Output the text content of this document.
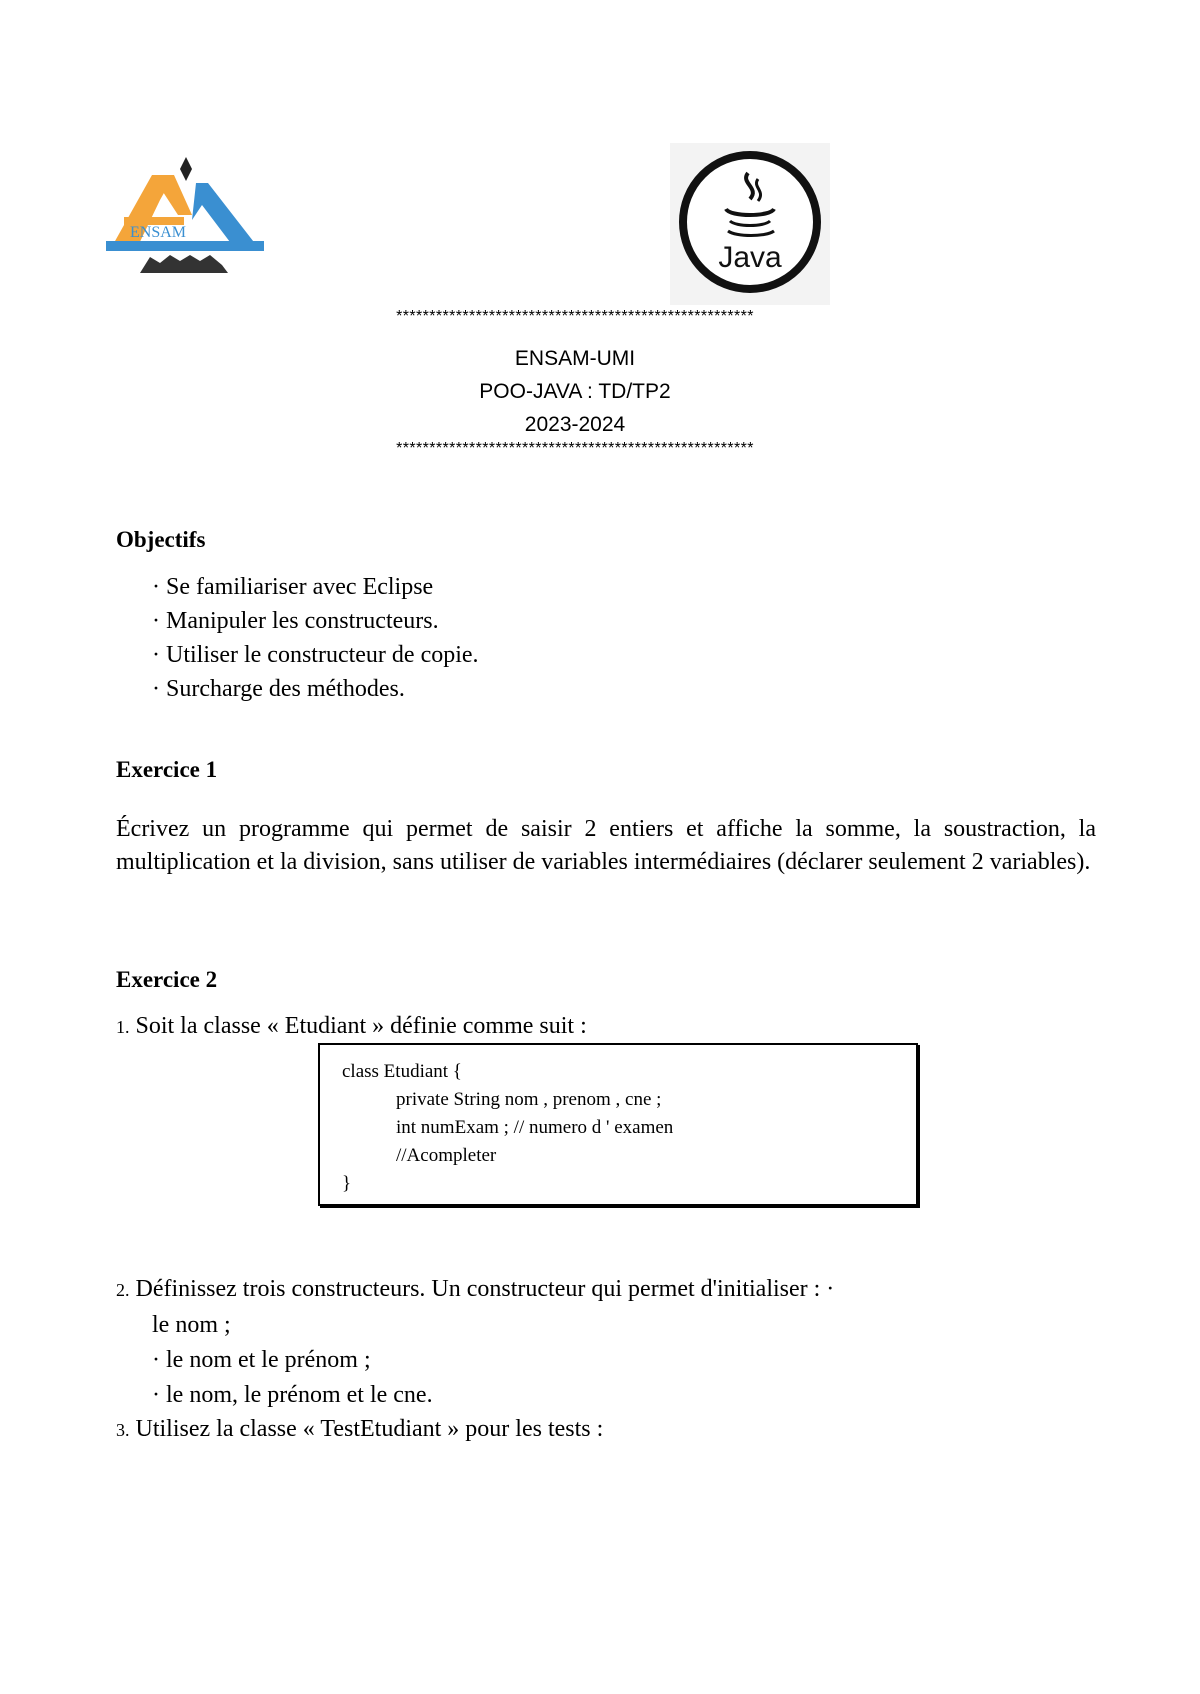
ENSAM
Java
******************************************************
ENSAM-UMI
POO-JAVA : TD/TP2
2023-2024
******************************************************
Objectifs
· Se familiariser avec Eclipse
· Manipuler les constructeurs.
· Utiliser le constructeur de copie.
· Surcharge des méthodes.
Exercice 1
Écrivez un programme qui permet de saisir 2 entiers et affiche la somme, la soustraction, la multiplication et la division, sans utiliser de variables intermédiaires (déclarer seulement 2 variables).
Exercice 2
1. Soit la classe « Etudiant » définie comme suit :
class Etudiant {
private String nom , prenom , cne ;
int numExam ; // numero d ' examen
//Acompleter
}
2. Définissez trois constructeurs. Un constructeur qui permet d'initialiser : ·
le nom ;
· le nom et le prénom ;
· le nom, le prénom et le cne.
3. Utilisez la classe « TestEtudiant » pour les tests :
